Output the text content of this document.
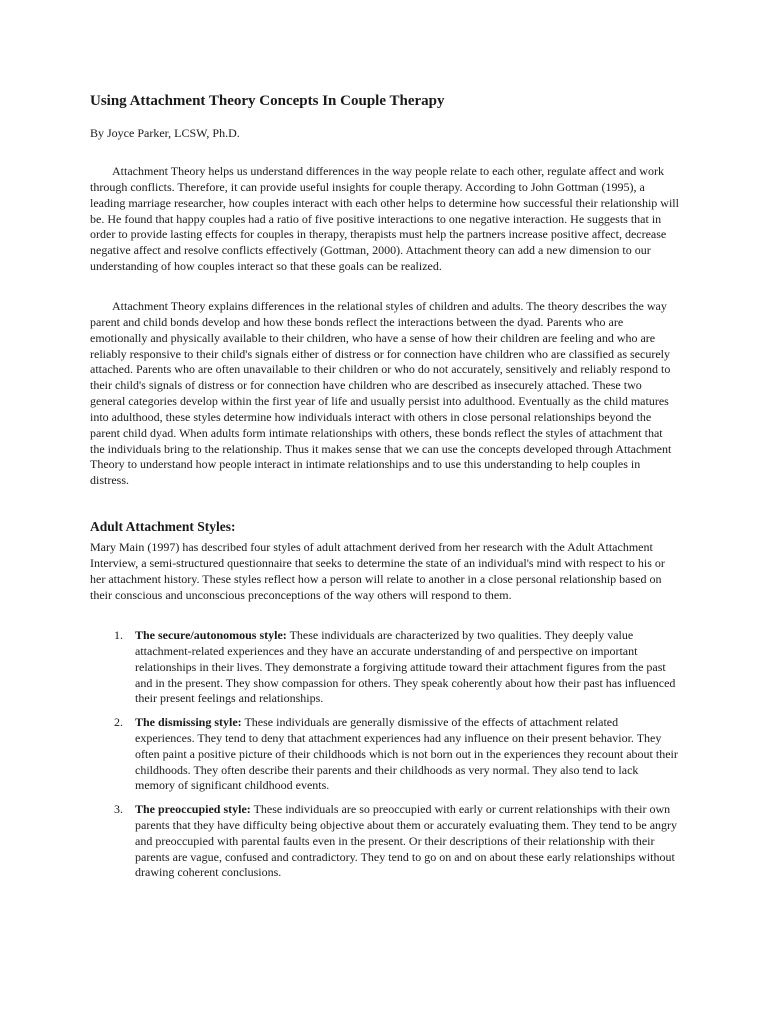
Using Attachment Theory Concepts In Couple Therapy
By Joyce Parker, LCSW, Ph.D.

Attachment Theory helps us understand differences in the way people relate to each other, regulate affect and work through conflicts. Therefore, it can provide useful insights for couple therapy. According to John Gottman (1995), a leading marriage researcher, how couples interact with each other helps to determine how successful their relationship will be. He found that happy couples had a ratio of five positive interactions to one negative interaction. He suggests that in order to provide lasting effects for couples in therapy, therapists must help the partners increase positive affect, decrease negative affect and resolve conflicts effectively (Gottman, 2000). Attachment theory can add a new dimension to our understanding of how couples interact so that these goals can be realized.

Attachment Theory explains differences in the relational styles of children and adults. The theory describes the way parent and child bonds develop and how these bonds reflect the interactions between the dyad. Parents who are emotionally and physically available to their children, who have a sense of how their children are feeling and who are reliably responsive to their child's signals either of distress or for connection have children who are classified as securely attached. Parents who are often unavailable to their children or who do not accurately, sensitively and reliably respond to their child's signals of distress or for connection have children who are described as insecurely attached. These two general categories develop within the first year of life and usually persist into adulthood. Eventually as the child matures into adulthood, these styles determine how individuals interact with others in close personal relationships beyond the parent child dyad. When adults form intimate relationships with others, these bonds reflect the styles of attachment that the individuals bring to the relationship. Thus it makes sense that we can use the concepts developed through Attachment Theory to understand how people interact in intimate relationships and to use this understanding to help couples in distress.

Adult Attachment Styles:

Mary Main (1997) has described four styles of adult attachment derived from her research with the Adult Attachment Interview, a semi-structured questionnaire that seeks to determine the state of an individual's mind with respect to his or her attachment history. These styles reflect how a person will relate to another in a close personal relationship based on their conscious and unconscious preconceptions of the way others will respond to them.

1. The secure/autonomous style: These individuals are characterized by two qualities. They deeply value attachment-related experiences and they have an accurate understanding of and perspective on important relationships in their lives. They demonstrate a forgiving attitude toward their attachment figures from the past and in the present. They show compassion for others. They speak coherently about how their past has influenced their present feelings and relationships.
2. The dismissing style: These individuals are generally dismissive of the effects of attachment related experiences. They tend to deny that attachment experiences had any influence on their present behavior. They often paint a positive picture of their childhoods which is not born out in the experiences they recount about their childhoods. They often describe their parents and their childhoods as very normal. They also tend to lack memory of significant childhood events.
3. The preoccupied style: These individuals are so preoccupied with early or current relationships with their own parents that they have difficulty being objective about them or accurately evaluating them. They tend to be angry and preoccupied with parental faults even in the present. Or their descriptions of their relationship with their parents are vague, confused and contradictory. They tend to go on and on about these early relationships without drawing coherent conclusions.
